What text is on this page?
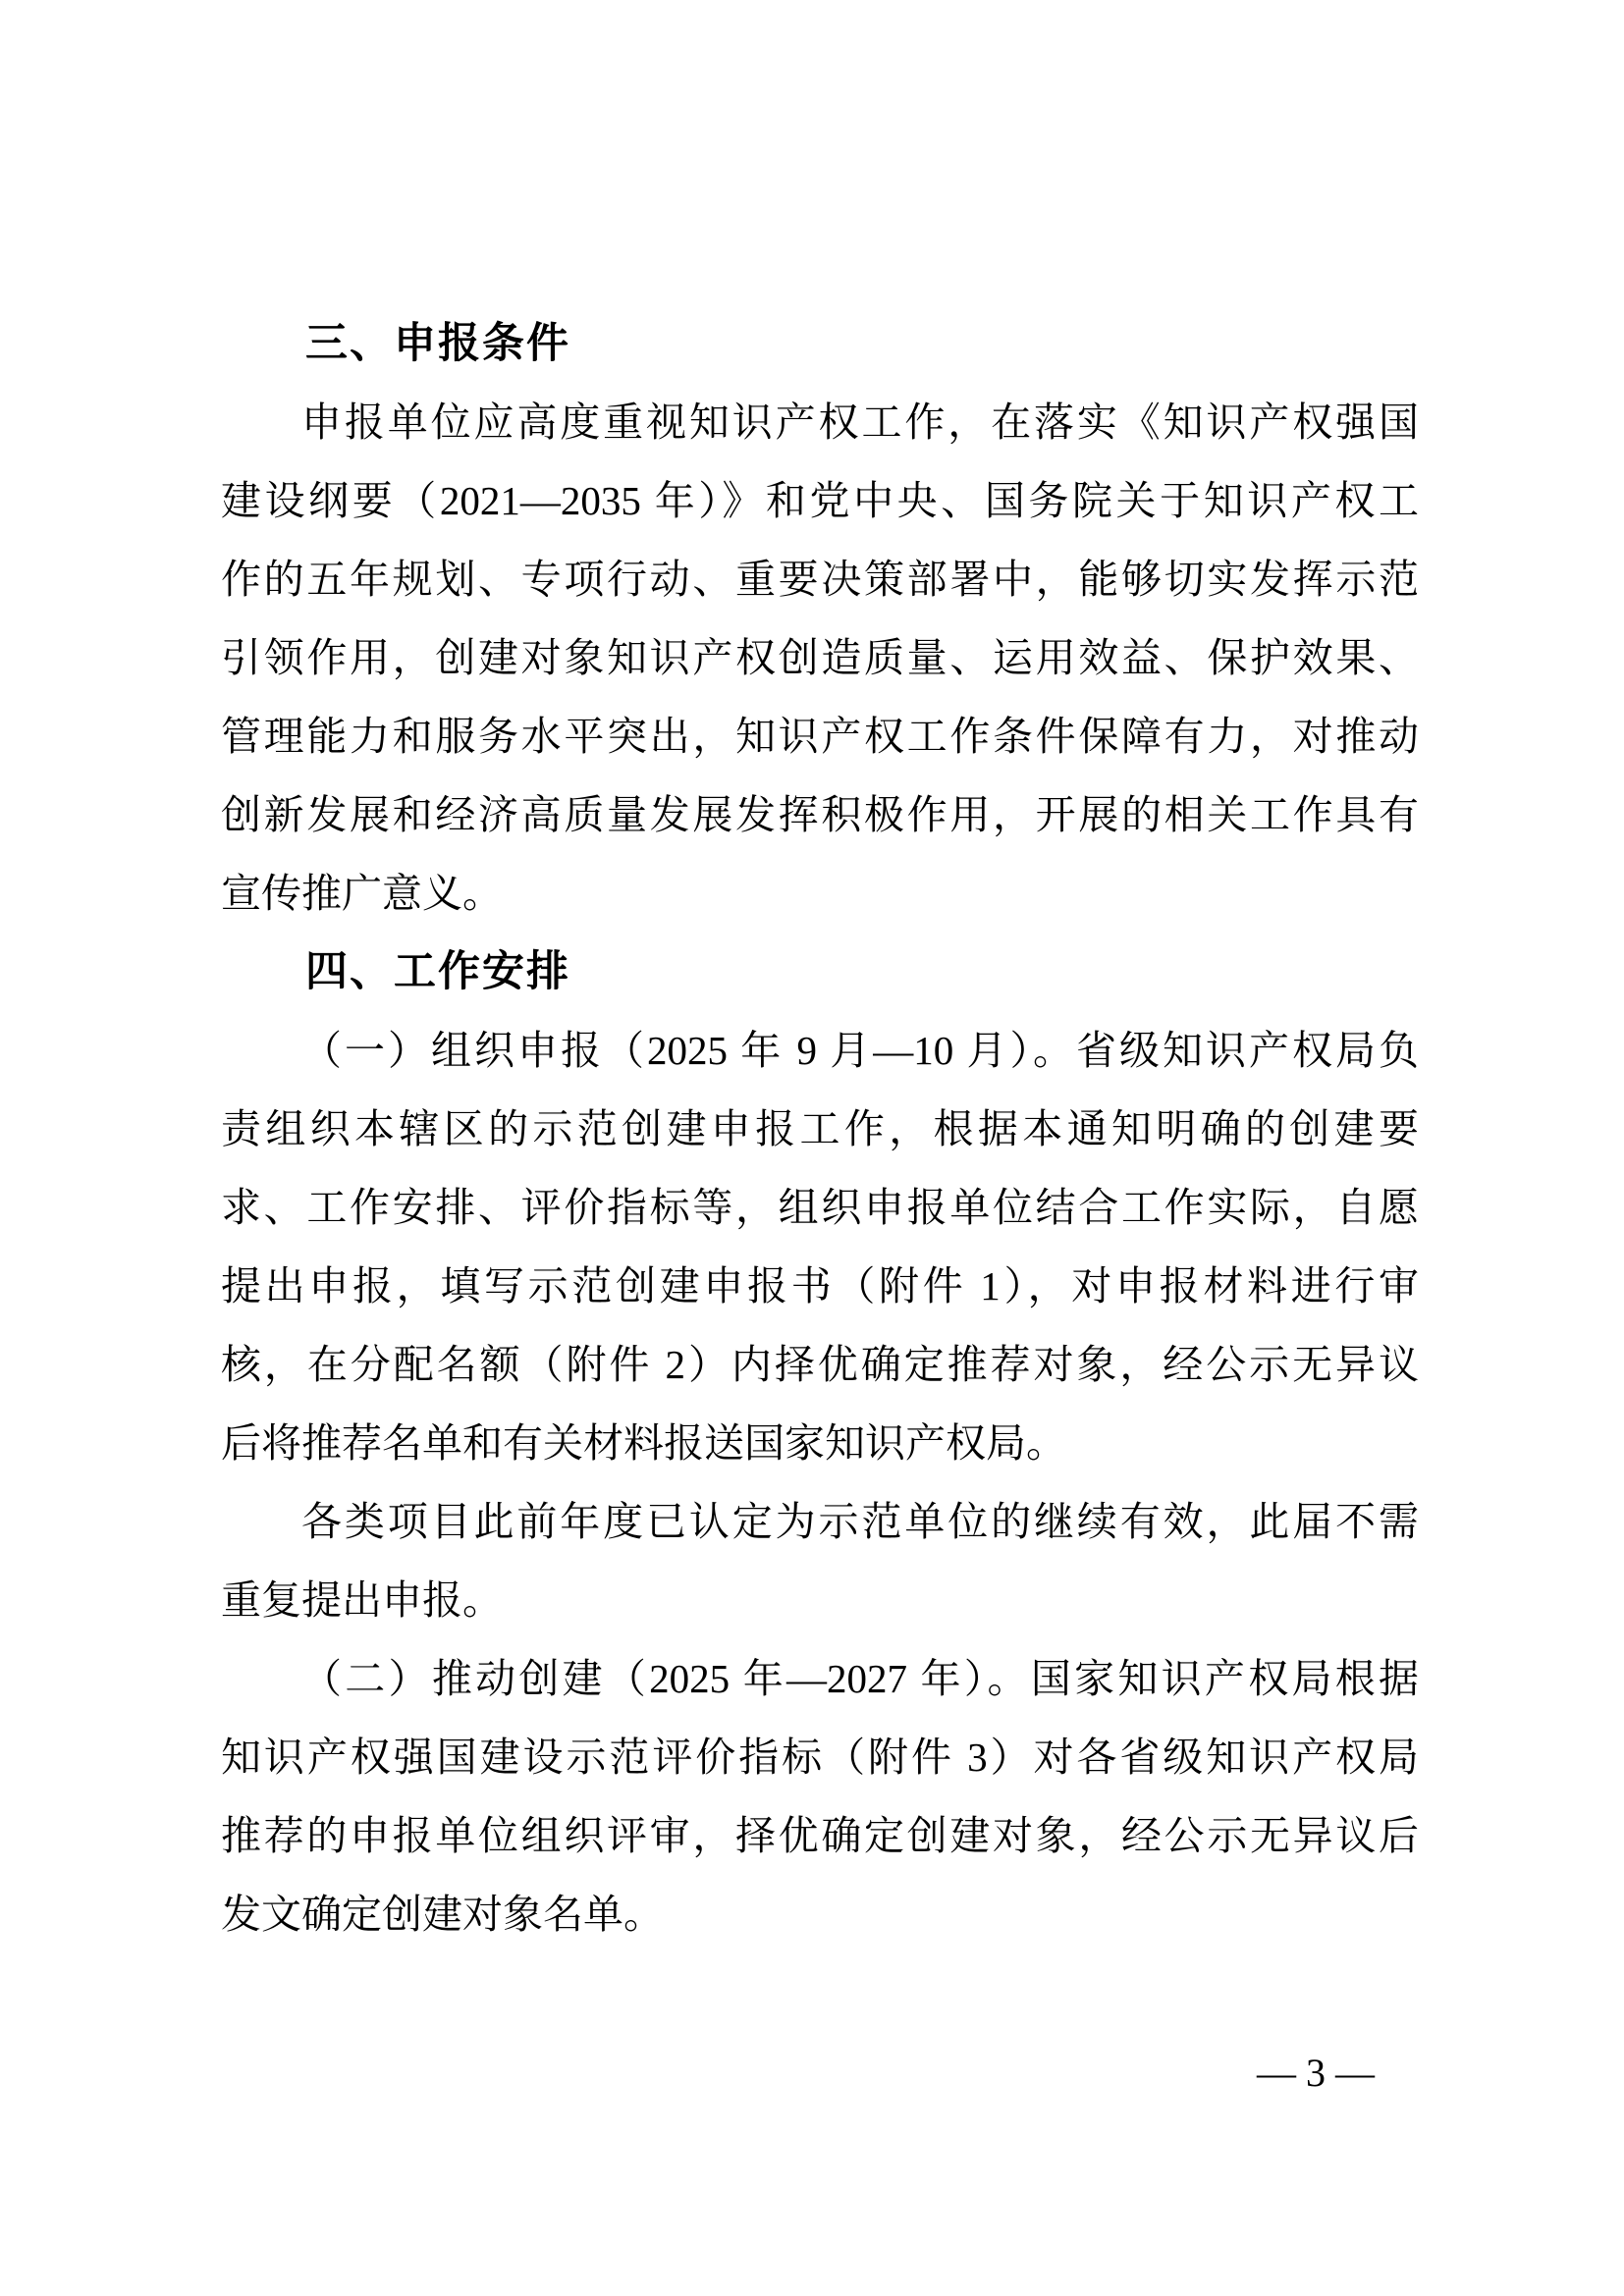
三、申报条件
申报单位应高度重视知识产权工作，在落实《知识产权强国
建设纲要（2021—2035 年）》和党中央、国务院关于知识产权工
作的五年规划、专项行动、重要决策部署中，能够切实发挥示范
引领作用，创建对象知识产权创造质量、运用效益、保护效果、
管理能力和服务水平突出，知识产权工作条件保障有力，对推动
创新发展和经济高质量发展发挥积极作用，开展的相关工作具有
宣传推广意义。
四、工作安排
（一）组织申报（2025 年 9 月—10 月）。省级知识产权局负
责组织本辖区的示范创建申报工作，根据本通知明确的创建要
求、工作安排、评价指标等，组织申报单位结合工作实际，自愿
提出申报，填写示范创建申报书（附件 1），对申报材料进行审
核，在分配名额（附件 2）内择优确定推荐对象，经公示无异议
后将推荐名单和有关材料报送国家知识产权局。
各类项目此前年度已认定为示范单位的继续有效，此届不需
重复提出申报。
（二）推动创建（2025 年—2027 年）。国家知识产权局根据
知识产权强国建设示范评价指标（附件 3）对各省级知识产权局
推荐的申报单位组织评审，择优确定创建对象，经公示无异议后
发文确定创建对象名单。
— 3 —
